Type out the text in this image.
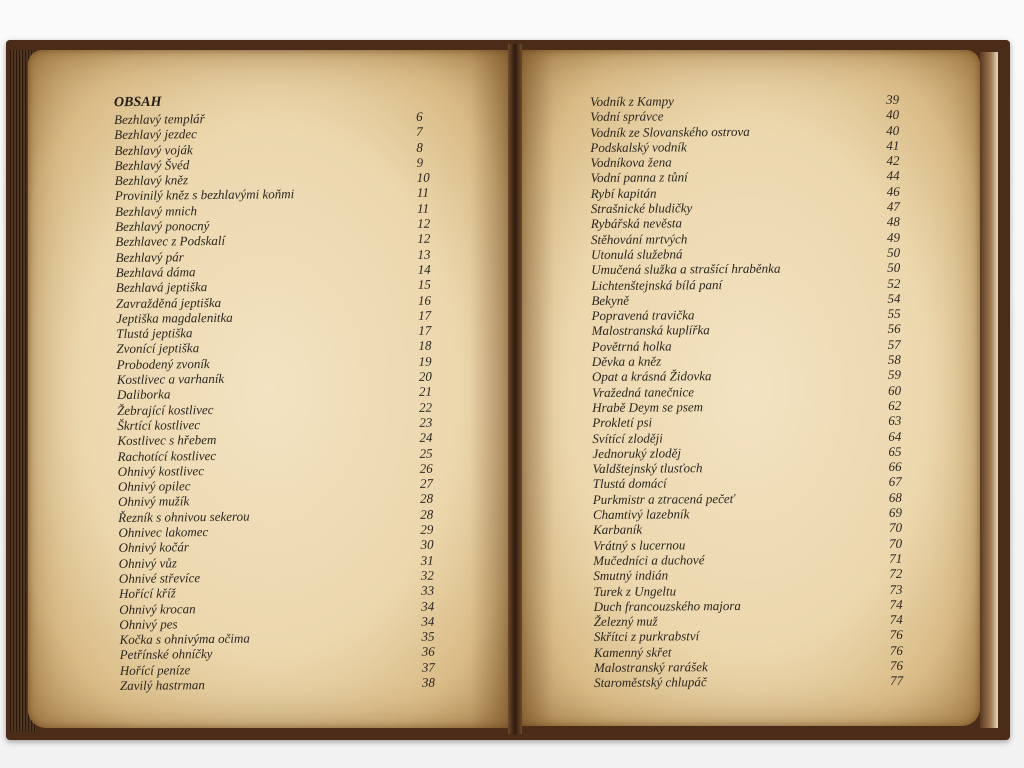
OBSAH
Bezhlavý templář	6
Bezhlavý jezdec	7
Bezhlavý voják	8
Bezhlavý Švéd	9
Bezhlavý kněz	10
Provinilý kněz s bezhlavými koňmi	11
Bezhlavý mnich	11
Bezhlavý ponocný	12
Bezhlavec z Podskalí	12
Bezhlavý pár	13
Bezhlavá dáma	14
Bezhlavá jeptiška	15
Zavražděná jeptiška	16
Jeptiška magdalenitka	17
Tlustá jeptiška	17
Zvonící jeptiška	18
Probodený zvoník	19
Kostlivec a varhaník	20
Daliborka	21
Žebrající kostlivec	22
Škrtící kostlivec	23
Kostlivec s hřebem	24
Rachotící kostlivec	25
Ohnivý kostlivec	26
Ohnivý opilec	27
Ohnivý mužík	28
Řezník s ohnivou sekerou	28
Ohnivec lakomec	29
Ohnivý kočár	30
Ohnivý vůz	31
Ohnivé střevíce	32
Hořící kříž	33
Ohnivý krocan	34
Ohnivý pes	34
Kočka s ohnivýma očima	35
Petřínské ohníčky	36
Hořící peníze	37
Zavilý hastrman	38
Vodník z Kampy	39
Vodní správce	40
Vodník ze Slovanského ostrova	40
Podskalský vodník	41
Vodníkova žena	42
Vodní panna z tůní	44
Rybí kapitán	46
Strašnické bludičky	47
Rybářská nevěsta	48
Stěhování mrtvých	49
Utonulá služebná	50
Umučená služka a strašící hraběnka	50
Lichtenštejnská bílá paní	52
Bekyně	54
Popravená travička	55
Malostranská kuplířka	56
Povětrná holka	57
Děvka a kněz	58
Opat a krásná Židovka	59
Vražedná tanečnice	60
Hrabě Deym se psem	62
Prokletí psi	63
Svítící zloději	64
Jednoruký zloděj	65
Valdštejnský tlusťoch	66
Tlustá domácí	67
Purkmistr a ztracená pečeť	68
Chamtivý lazebník	69
Karbaník	70
Vrátný s lucernou	70
Mučedníci a duchové	71
Smutný indián	72
Turek z Ungeltu	73
Duch francouzského majora	74
Železný muž	74
Skřítci z purkrabství	76
Kamenný skřet	76
Malostranský rarášek	76
Staroměstský chlupáč	77
